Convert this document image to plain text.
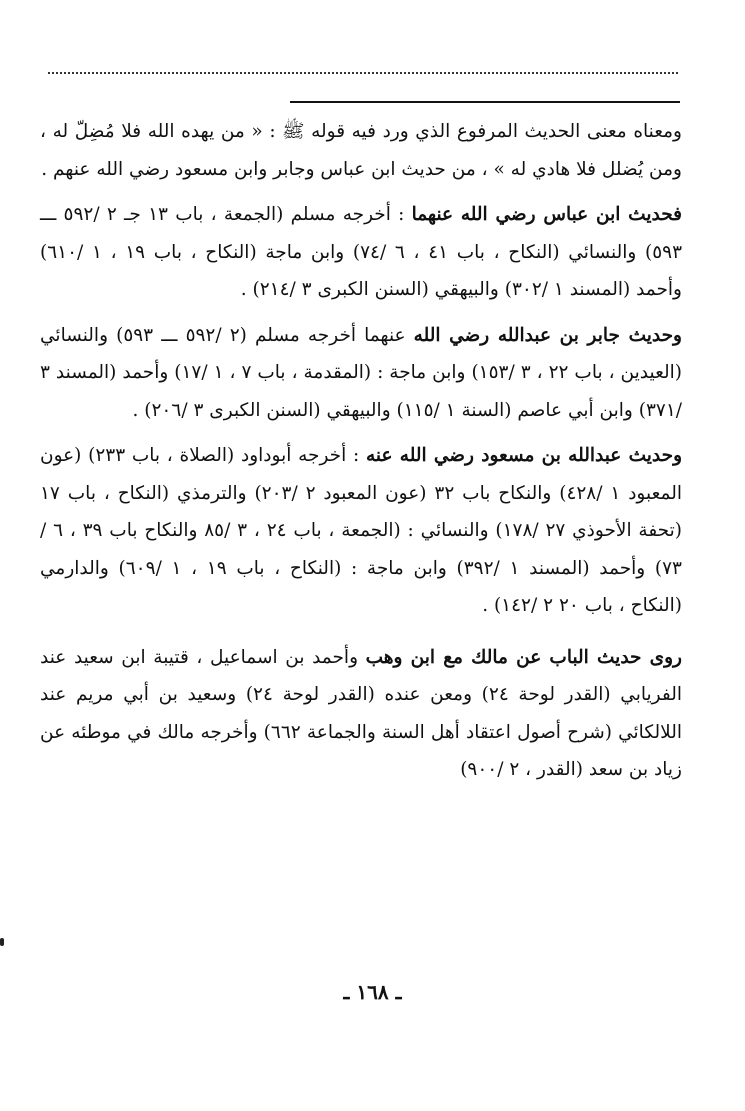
ومعناه معنى الحديث المرفوع الذي ورد فيه قوله ﷺ : « من يهده الله فلا مُضِلّ له ، ومن يُضلل فلا هادي له » ، من حديث ابن عباس وجابر وابن مسعود رضي الله عنهم .

فحديث ابن عباس رضي الله عنهما : أخرجه مسلم (الجمعة ، باب ١٣ جـ ٢ /٥٩٢ ـــ ٥٩٣) والنسائي (النكاح ، باب ٤١ ، ٦ /٧٤) وابن ماجة (النكاح ، باب ١٩ ، ١ /٦١٠) وأحمد (المسند ١ /٣٠٢) والبيهقي (السنن الكبرى ٣ /٢١٤) .

وحديث جابر بن عبدالله رضي الله عنهما أخرجه مسلم (٢ /٥٩٢ ـــ ٥٩٣) والنسائي (العيدين ، باب ٢٢ ، ٣ /١٥٣) وابن ماجة : (المقدمة ، باب ٧ ، ١ /١٧) وأحمد (المسند ٣ /٣٧١) وابن أبي عاصم (السنة ١ /١١٥) والبيهقي (السنن الكبرى ٣ /٢٠٦) .

وحديث عبدالله بن مسعود رضي الله عنه : أخرجه أبوداود (الصلاة ، باب ٢٣٣) (عون المعبود ١ /٤٢٨) والنكاح باب ٣٢ (عون المعبود ٢ /٢٠٣) والترمذي (النكاح ، باب ١٧ (تحفة الأحوذي ٢٧ /١٧٨) والنسائي : (الجمعة ، باب ٢٤ ، ٣ /٨٥ والنكاح باب ٣٩ ، ٦ /٧٣) وأحمد (المسند ١ /٣٩٢) وابن ماجة : (النكاح ، باب ١٩ ، ١ /٦٠٩) والدارمي (النكاح ، باب ٢٠ ٢ /١٤٢) .

روى حديث الباب عن مالك مع ابن وهب وأحمد بن اسماعيل ، قتيبة ابن سعيد عند الفريابي (القدر لوحة ٢٤) ومعن عنده (القدر لوحة ٢٤) وسعيد بن أبي مريم عند اللالكائي (شرح أصول اعتقاد أهل السنة والجماعة ٦٦٢) وأخرجه مالك في موطئه عن زياد بن سعد (القدر ، ٢ /٩٠٠)

ـ ١٦٨ ـ
